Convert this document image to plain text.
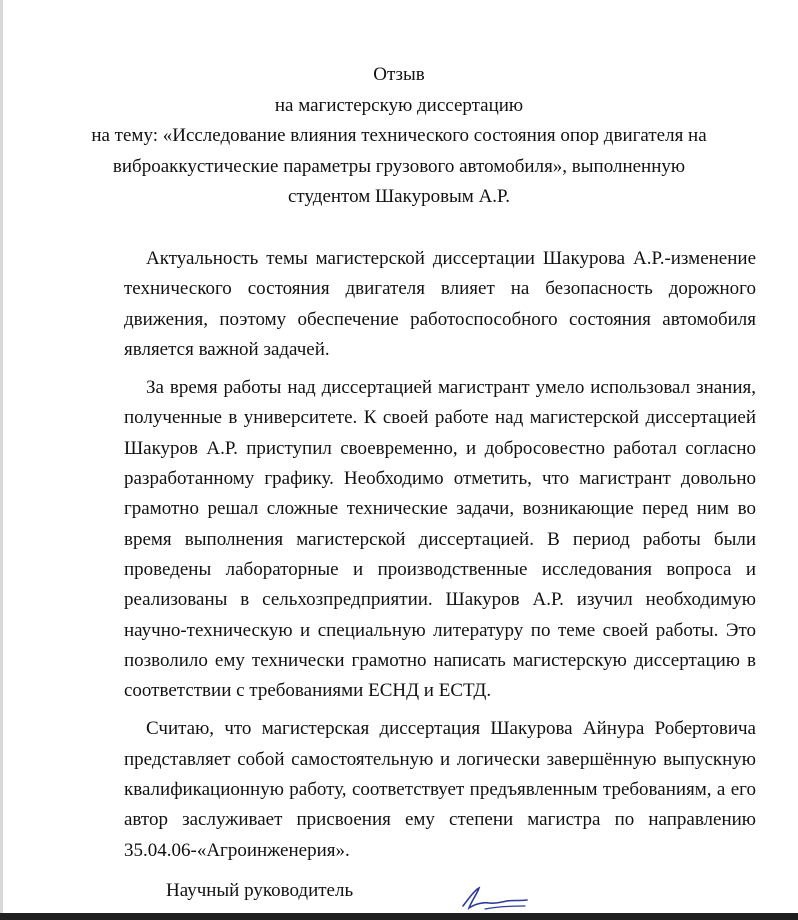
Отзыв
на магистерскую диссертацию
на тему: «Исследование влияния технического состояния опор двигателя на
виброаккустические параметры грузового автомобиля», выполненную
студентом Шакуровым А.Р.

Актуальность темы магистерской диссертации Шакурова А.Р.-изменение технического состояния двигателя влияет на безопасность дорожного движения, поэтому обеспечение работоспособного состояния автомобиля является важной задачей.

За время работы над диссертацией магистрант умело использовал знания, полученные в университете. К своей работе над магистерской диссертацией Шакуров А.Р. приступил своевременно, и добросовестно работал согласно разработанному графику. Необходимо отметить, что магистрант довольно грамотно решал сложные технические задачи, возникающие перед ним во время выполнения магистерской диссертацией. В период работы были проведены лабораторные и производственные исследования вопроса и реализованы в сельхозпредприятии. Шакуров А.Р. изучил необходимую научно-техническую и специальную литературу по теме своей работы. Это позволило ему технически грамотно написать магистерскую диссертацию в соответствии с требованиями ЕСНД и ЕСТД.

Считаю, что магистерская диссертация Шакурова Айнура Робертовича представляет собой самостоятельную и логически завершённую выпускную квалификационную работу, соответствует предъявленным требованиям, а его автор заслуживает присвоения ему степени магистра по направлению 35.04.06-«Агроинженерия».

Научный руководитель
